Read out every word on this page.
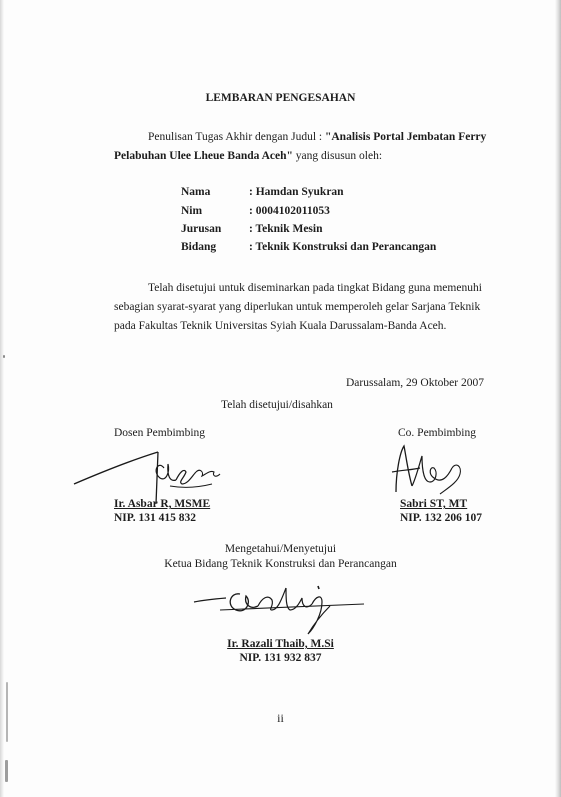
LEMBARAN PENGESAHAN
Penulisan Tugas Akhir dengan Judul : "Analisis Portal Jembatan Ferry
Pelabuhan Ulee Lheue Banda Aceh" yang disusun oleh:
Nama	: Hamdan Syukran
Nim	: 0004102011053
Jurusan : Teknik Mesin
Bidang	: Teknik Konstruksi dan Perancangan
Telah disetujui untuk diseminarkan pada tingkat Bidang guna memenuhi
sebagian syarat-syarat yang diperlukan untuk memperoleh gelar Sarjana Teknik
pada Fakultas Teknik Universitas Syiah Kuala Darussalam-Banda Aceh.
Darussalam, 29 Oktober 2007
Telah disetujui/disahkan
Dosen Pembimbing	Co. Pembimbing
Ir. Asbar R, MSME
NIP. 131 415 832
Sabri ST, MT
NIP. 132 206 107
Mengetahui/Menyetujui
Ketua Bidang Teknik Konstruksi dan Perancangan
Ir. Razali Thaib, M.Si
NIP. 131 932 837
ii
